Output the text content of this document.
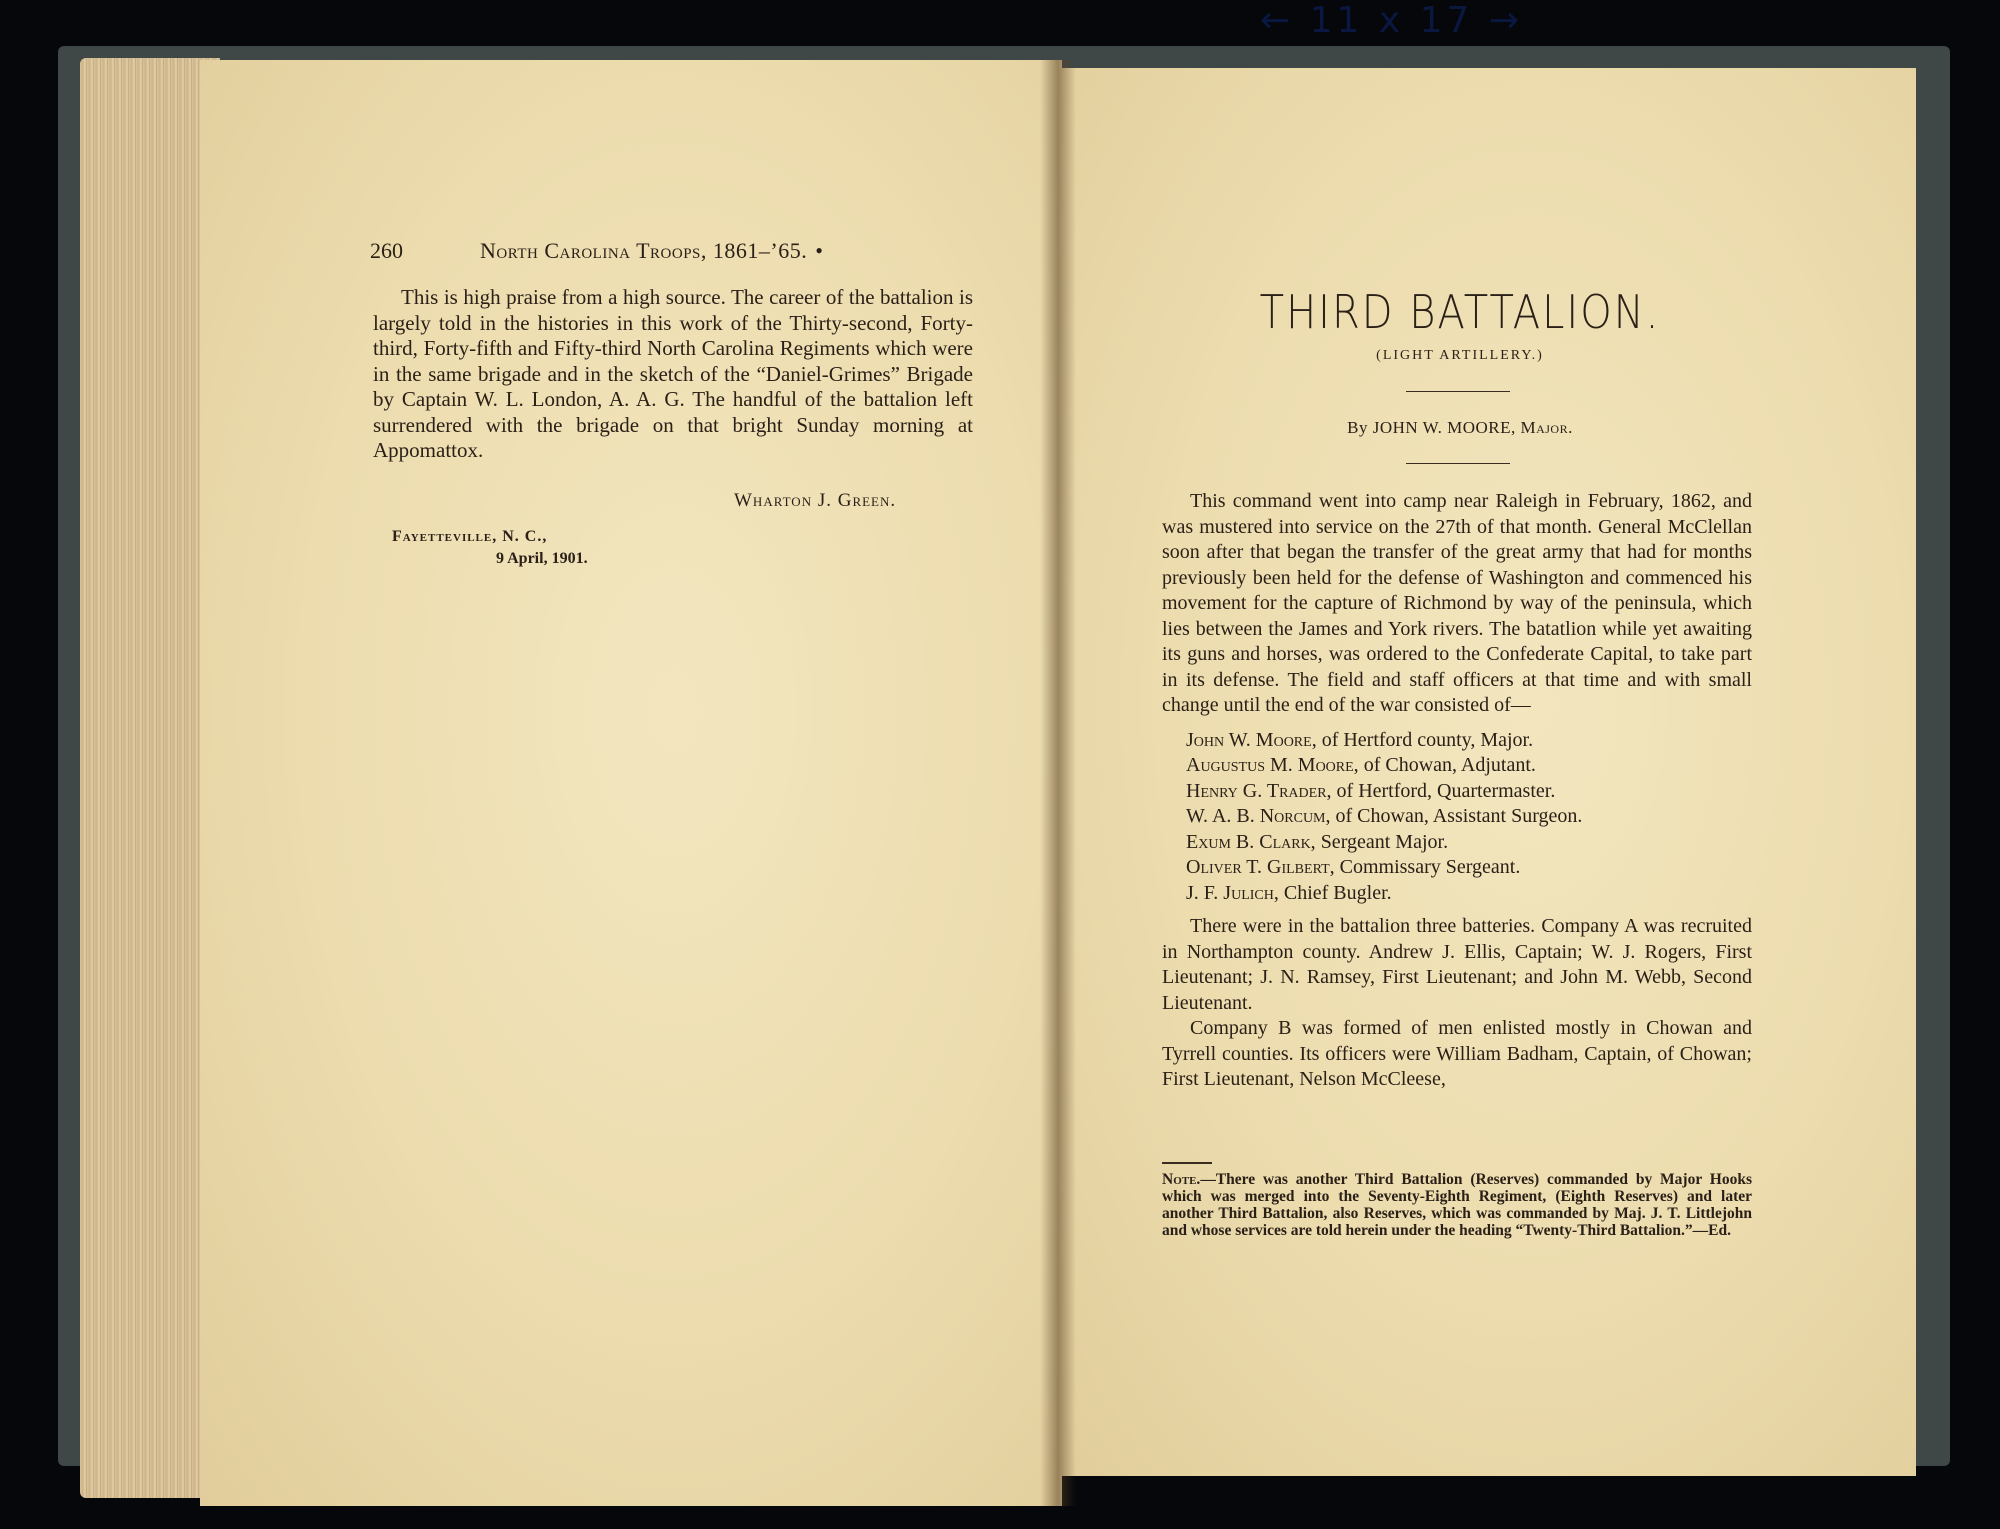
← 11 x 17 →
260	North Carolina Troops, 1861–’65. •

This is high praise from a high source. The career of the battalion is largely told in the histories in this work of the Thirty-second, Forty-third, Forty-fifth and Fifty-third North Carolina Regiments which were in the same brigade and in the sketch of the “Daniel-Grimes” Brigade by Captain W. L. London, A. A. G. The handful of the battalion left surrendered with the brigade on that bright Sunday morning at Appomattox.

Wharton J. Green.
Fayetteville, N. C.,
9 April, 1901.
THIRD BATTALION.
(LIGHT ARTILLERY.)
By JOHN W. MOORE, Major.

This command went into camp near Raleigh in February, 1862, and was mustered into service on the 27th of that month. General McClellan soon after that began the transfer of the great army that had for months previously been held for the defense of Washington and commenced his movement for the capture of Richmond by way of the peninsula, which lies between the James and York rivers. The batatlion while yet awaiting its guns and horses, was ordered to the Confederate Capital, to take part in its defense. The field and staff officers at that time and with small change until the end of the war consisted of—

John W. Moore, of Hertford county, Major.
Augustus M. Moore, of Chowan, Adjutant.
Henry G. Trader, of Hertford, Quartermaster.
W. A. B. Norcum, of Chowan, Assistant Surgeon.
Exum B. Clark, Sergeant Major.
Oliver T. Gilbert, Commissary Sergeant.
J. F. Julich, Chief Bugler.

There were in the battalion three batteries. Company A was recruited in Northampton county. Andrew J. Ellis, Captain; W. J. Rogers, First Lieutenant; J. N. Ramsey, First Lieutenant; and John M. Webb, Second Lieutenant.

Company B was formed of men enlisted mostly in Chowan and Tyrrell counties. Its officers were William Badham, Captain, of Chowan; First Lieutenant, Nelson McCleese,

Note.—There was another Third Battalion (Reserves) commanded by Major Hooks which was merged into the Seventy-Eighth Regiment, (Eighth Reserves) and later another Third Battalion, also Reserves, which was commanded by Maj. J. T. Littlejohn and whose services are told herein under the heading “Twenty-Third Battalion.”—Ed.
